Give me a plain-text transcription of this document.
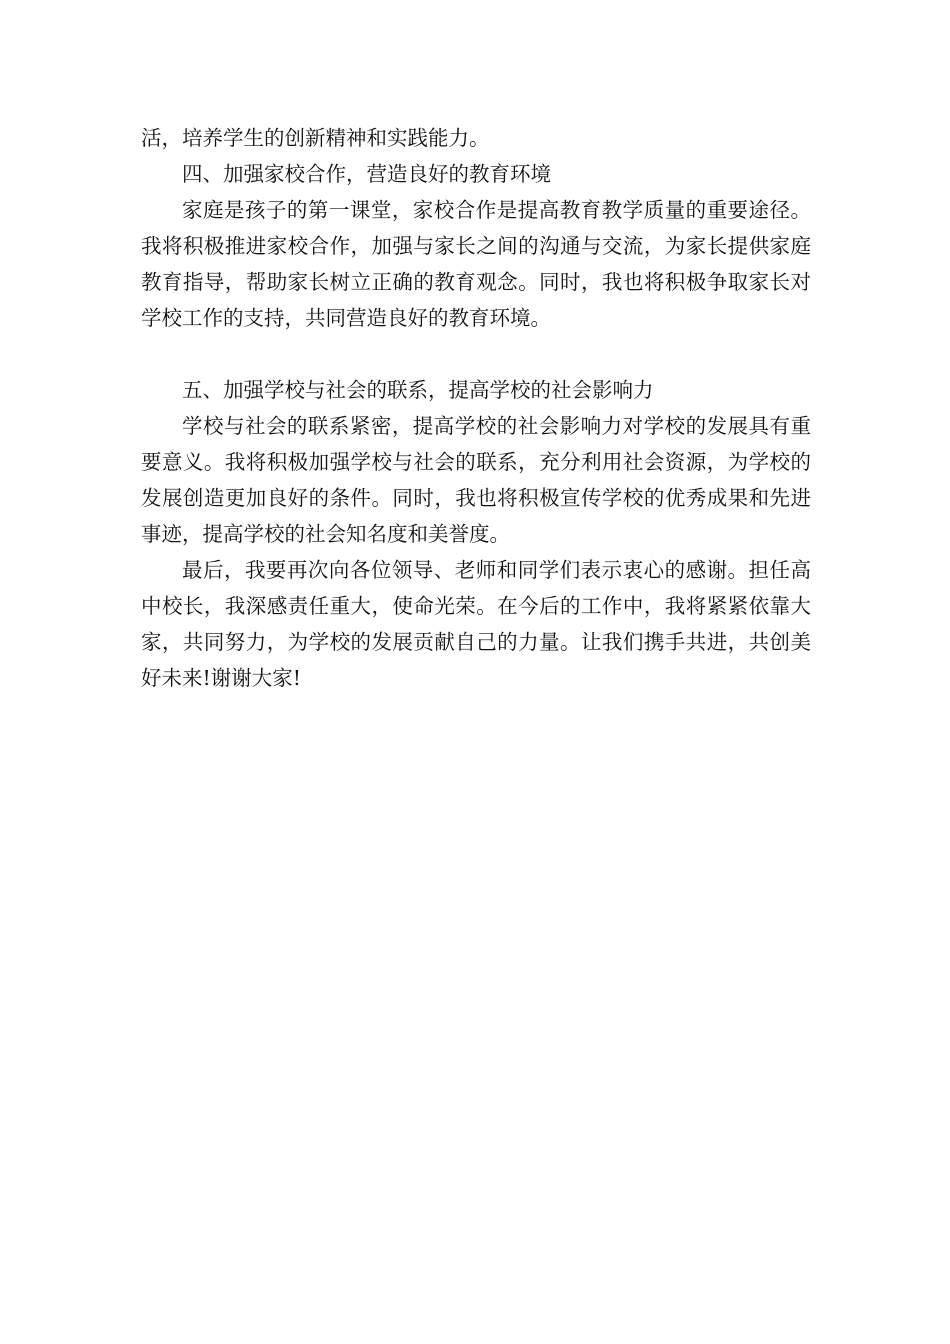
活，培养学生的创新精神和实践能力。

四、加强家校合作，营造良好的教育环境

家庭是孩子的第一课堂，家校合作是提高教育教学质量的重要途径。我将积极推进家校合作，加强与家长之间的沟通与交流，为家长提供家庭教育指导，帮助家长树立正确的教育观念。同时，我也将积极争取家长对学校工作的支持，共同营造良好的教育环境。

五、加强学校与社会的联系，提高学校的社会影响力

学校与社会的联系紧密，提高学校的社会影响力对学校的发展具有重要意义。我将积极加强学校与社会的联系，充分利用社会资源，为学校的发展创造更加良好的条件。同时，我也将积极宣传学校的优秀成果和先进事迹，提高学校的社会知名度和美誉度。

最后，我要再次向各位领导、老师和同学们表示衷心的感谢。担任高中校长，我深感责任重大，使命光荣。在今后的工作中，我将紧紧依靠大家，共同努力，为学校的发展贡献自己的力量。让我们携手共进，共创美好未来!谢谢大家!
